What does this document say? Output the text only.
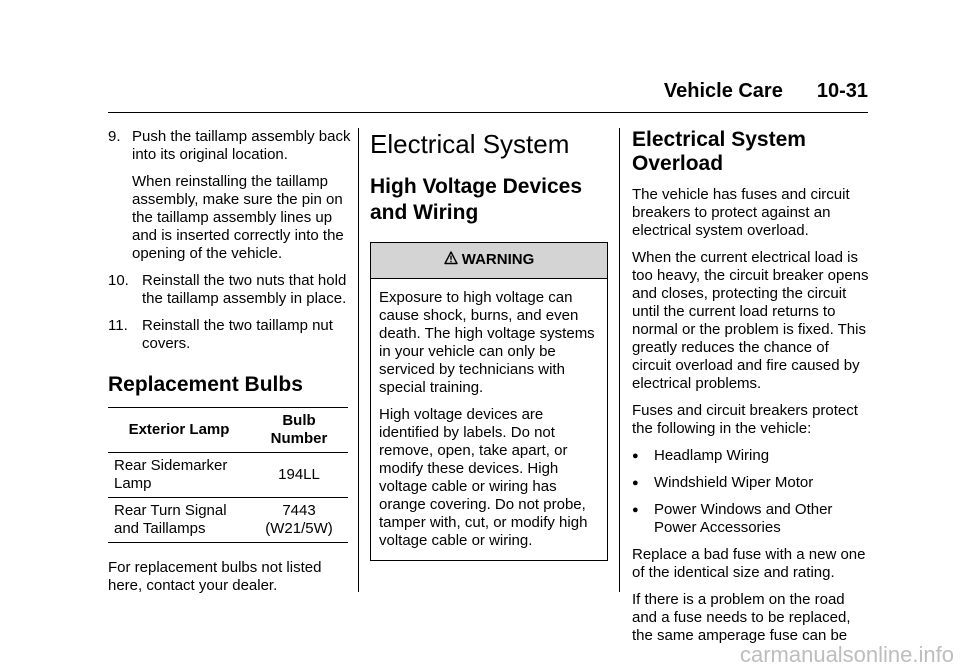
Vehicle Care 10-31
9. Push the taillamp assembly back into its original location.

When reinstalling the taillamp assembly, make sure the pin on the taillamp assembly lines up and is inserted correctly into the opening of the vehicle.

10. Reinstall the two nuts that hold the taillamp assembly in place.

11. Reinstall the two taillamp nut covers.

Replacement Bulbs
Exterior Lamp	Bulb Number
Rear Sidemarker Lamp	194LL
Rear Turn Signal and Taillamps	7443 (W21/5W)

For replacement bulbs not listed here, contact your dealer.

Electrical System
High Voltage Devices and Wiring
WARNING

Exposure to high voltage can cause shock, burns, and even death. The high voltage systems in your vehicle can only be serviced by technicians with special training.

High voltage devices are identified by labels. Do not remove, open, take apart, or modify these devices. High voltage cable or wiring has orange covering. Do not probe, tamper with, cut, or modify high voltage cable or wiring.

Electrical System Overload

The vehicle has fuses and circuit breakers to protect against an electrical system overload.

When the current electrical load is too heavy, the circuit breaker opens and closes, protecting the circuit until the current load returns to normal or the problem is fixed. This greatly reduces the chance of circuit overload and fire caused by electrical problems.

Fuses and circuit breakers protect the following in the vehicle:

●	Headlamp Wiring
●	Windshield Wiper Motor
●	Power Windows and Other Power Accessories

Replace a bad fuse with a new one of the identical size and rating.

If there is a problem on the road and a fuse needs to be replaced, the same amperage fuse can be

carmanualsonline.info
